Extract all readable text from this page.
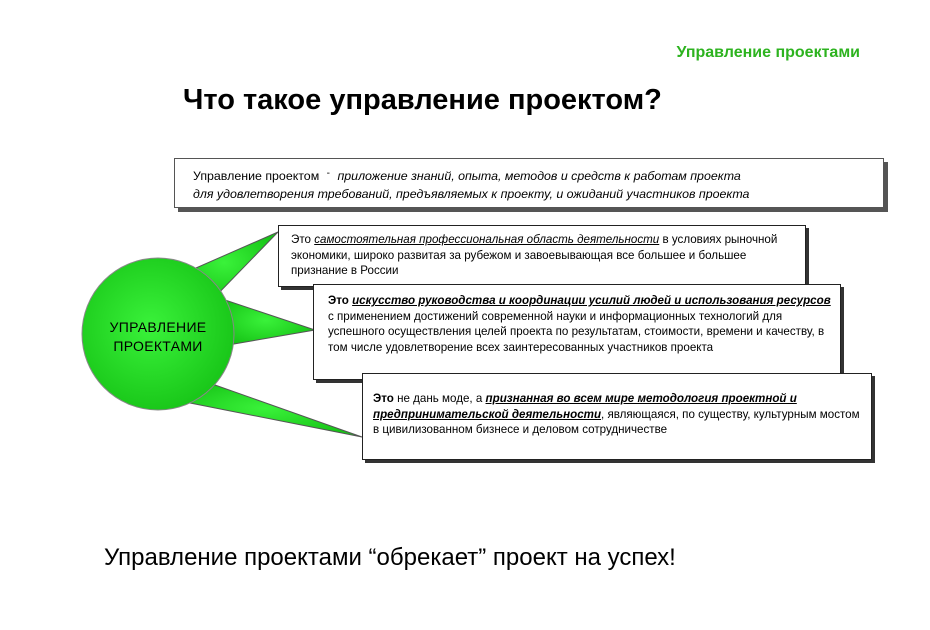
Управление проектами
Что такое управление проектом?
Управление проектом - приложение знаний, опыта, методов и средств к работам проекта
для удовлетворения требований, предъявляемых к проекту, и ожиданий участников проекта
УПРАВЛЕНИЕ
ПРОЕКТАМИ
Это самостоятельная профессиональная область деятельности в условиях рыночной экономики, широко развитая за рубежом и завоевывающая все большее и большее признание в России
Это искусство руководства и координации усилий людей и использования ресурсов с применением достижений современной науки и информационных технологий для успешного осуществления целей проекта по результатам, стоимости, времени и качеству, в том числе удовлетворение всех заинтересованных участников проекта
Это не дань моде, а признанная во всем мире методология проектной и предпринимательской деятельности, являющаяся, по существу, культурным мостом в цивилизованном бизнесе и деловом сотрудничестве
Управление проектами “обрекает” проект на успех!
